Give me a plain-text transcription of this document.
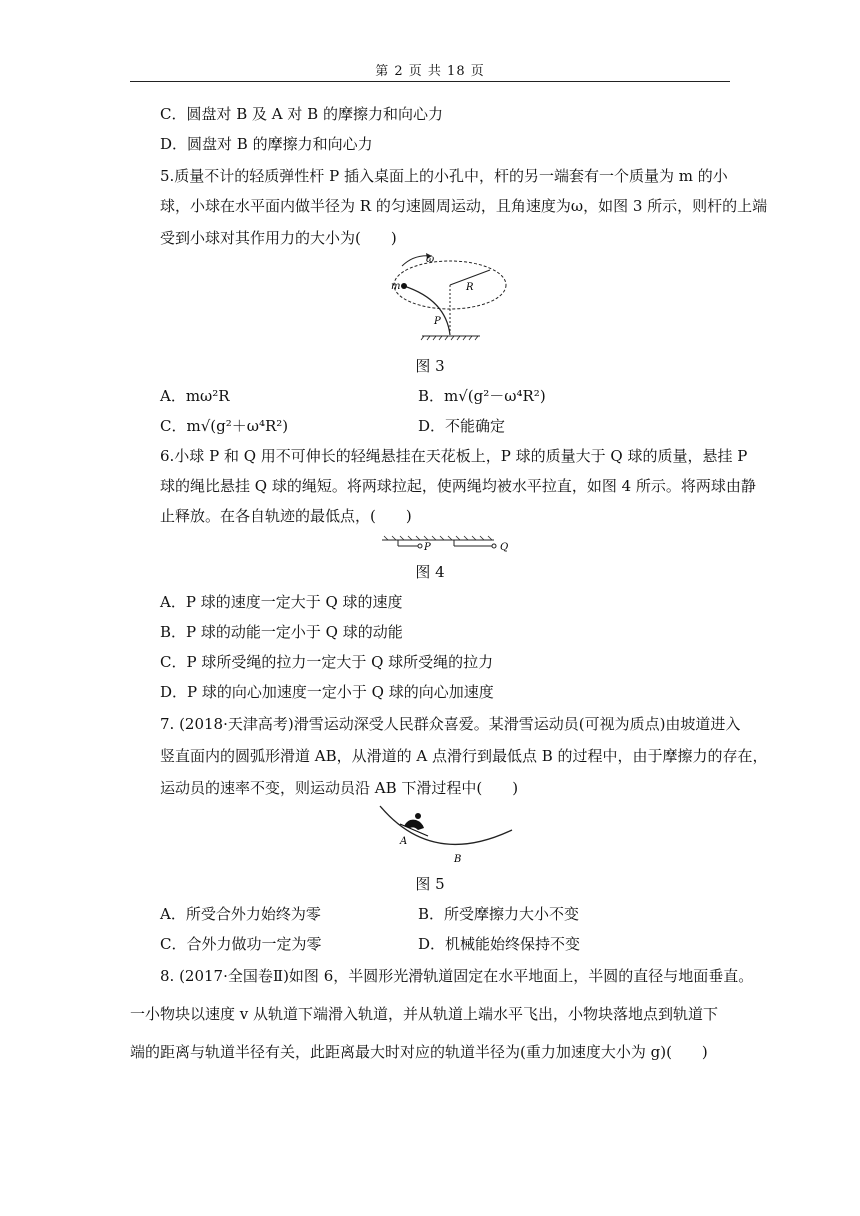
第 2 页 共 18 页
C．圆盘对 B 及 A 对 B 的摩擦力和向心力
D．圆盘对 B 的摩擦力和向心力
5.质量不计的轻质弹性杆 P 插入桌面上的小孔中，杆的另一端套有一个质量为 m 的小
球，小球在水平面内做半径为 R 的匀速圆周运动，且角速度为ω，如图 3 所示，则杆的上端
受到小球对其作用力的大小为(　　)
ω
R
m
P
图 3
A．mω²R	B．m√(g²－ω⁴R²)
C．m√(g²＋ω⁴R²)	D．不能确定
6.小球 P 和 Q 用不可伸长的轻绳悬挂在天花板上，P 球的质量大于 Q 球的质量，悬挂 P
球的绳比悬挂 Q 球的绳短。将两球拉起，使两绳均被水平拉直，如图 4 所示。将两球由静
止释放。在各自轨迹的最低点，(　　)
P	Q
图 4
A．P 球的速度一定大于 Q 球的速度
B．P 球的动能一定小于 Q 球的动能
C．P 球所受绳的拉力一定大于 Q 球所受绳的拉力
D．P 球的向心加速度一定小于 Q 球的向心加速度
7. (2018·天津高考)滑雪运动深受人民群众喜爱。某滑雪运动员(可视为质点)由坡道进入
竖直面内的圆弧形滑道 AB，从滑道的 A 点滑行到最低点 B 的过程中，由于摩擦力的存在，
运动员的速率不变，则运动员沿 AB 下滑过程中(　　)
A
B
图 5
A．所受合外力始终为零	B．所受摩擦力大小不变
C．合外力做功一定为零	D．机械能始终保持不变
8. (2017·全国卷Ⅱ)如图 6，半圆形光滑轨道固定在水平地面上，半圆的直径与地面垂直。
一小物块以速度 v 从轨道下端滑入轨道，并从轨道上端水平飞出，小物块落地点到轨道下
端的距离与轨道半径有关，此距离最大时对应的轨道半径为(重力加速度大小为 g)(　　)
